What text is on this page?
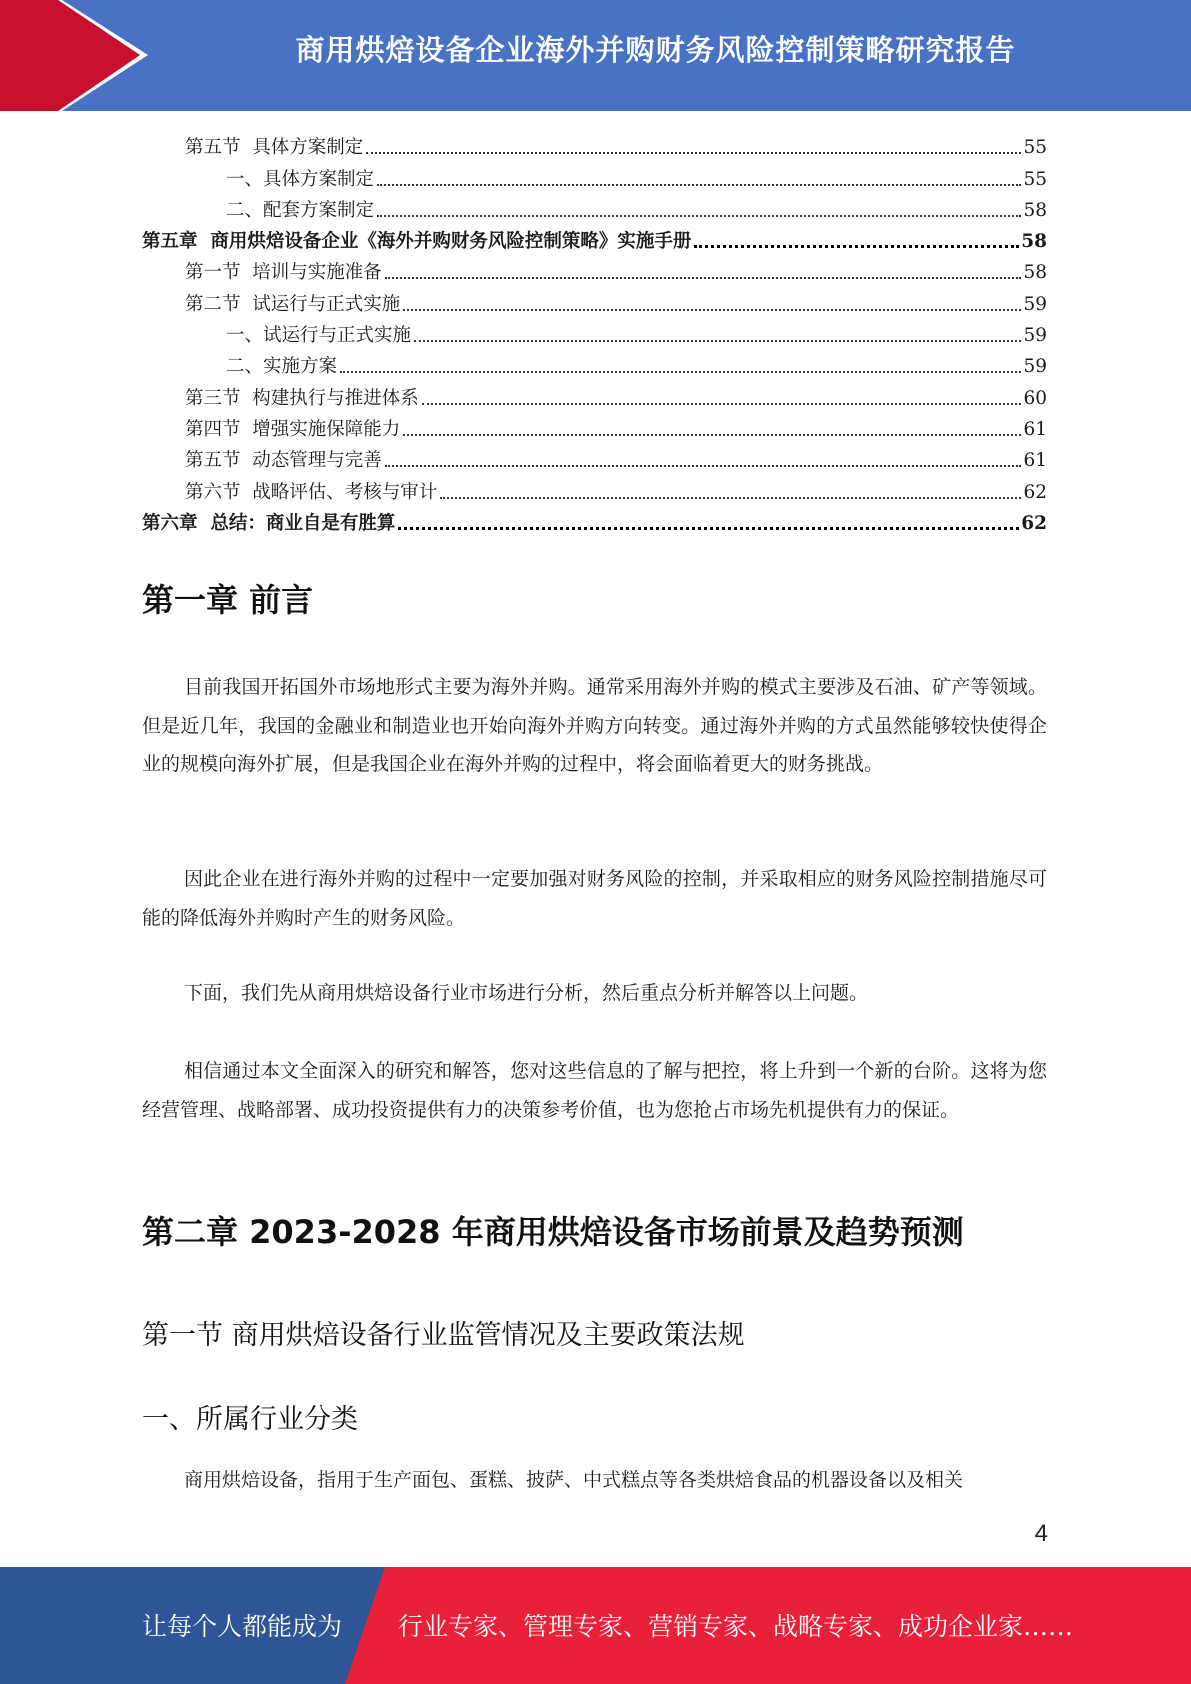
商用烘焙设备企业海外并购财务风险控制策略研究报告
第五节  具体方案制定	55
一、具体方案制定	55
二、配套方案制定	58
第五章  商用烘焙设备企业《海外并购财务风险控制策略》实施手册	58
第一节  培训与实施准备	58
第二节  试运行与正式实施	59
一、试运行与正式实施	59
二、实施方案	59
第三节  构建执行与推进体系	60
第四节  增强实施保障能力	61
第五节  动态管理与完善	61
第六节  战略评估、考核与审计	62
第六章  总结：商业自是有胜算	62
第一章 前言

目前我国开拓国外市场地形式主要为海外并购。通常采用海外并购的模式主要涉及石油、矿产等领域。但是近几年，我国的金融业和制造业也开始向海外并购方向转变。通过海外并购的方式虽然能够较快使得企业的规模向海外扩展，但是我国企业在海外并购的过程中，将会面临着更大的财务挑战。

因此企业在进行海外并购的过程中一定要加强对财务风险的控制，并采取相应的财务风险控制措施尽可能的降低海外并购时产生的财务风险。

下面，我们先从商用烘焙设备行业市场进行分析，然后重点分析并解答以上问题。

相信通过本文全面深入的研究和解答，您对这些信息的了解与把控，将上升到一个新的台阶。这将为您经营管理、战略部署、成功投资提供有力的决策参考价值，也为您抢占市场先机提供有力的保证。

第二章 2023-2028 年商用烘焙设备市场前景及趋势预测
第一节 商用烘焙设备行业监管情况及主要政策法规
一、所属行业分类

商用烘焙设备，指用于生产面包、蛋糕、披萨、中式糕点等各类烘焙食品的机器设备以及相关

4
让每个人都能成为 行业专家、管理专家、营销专家、战略专家、成功企业家……
